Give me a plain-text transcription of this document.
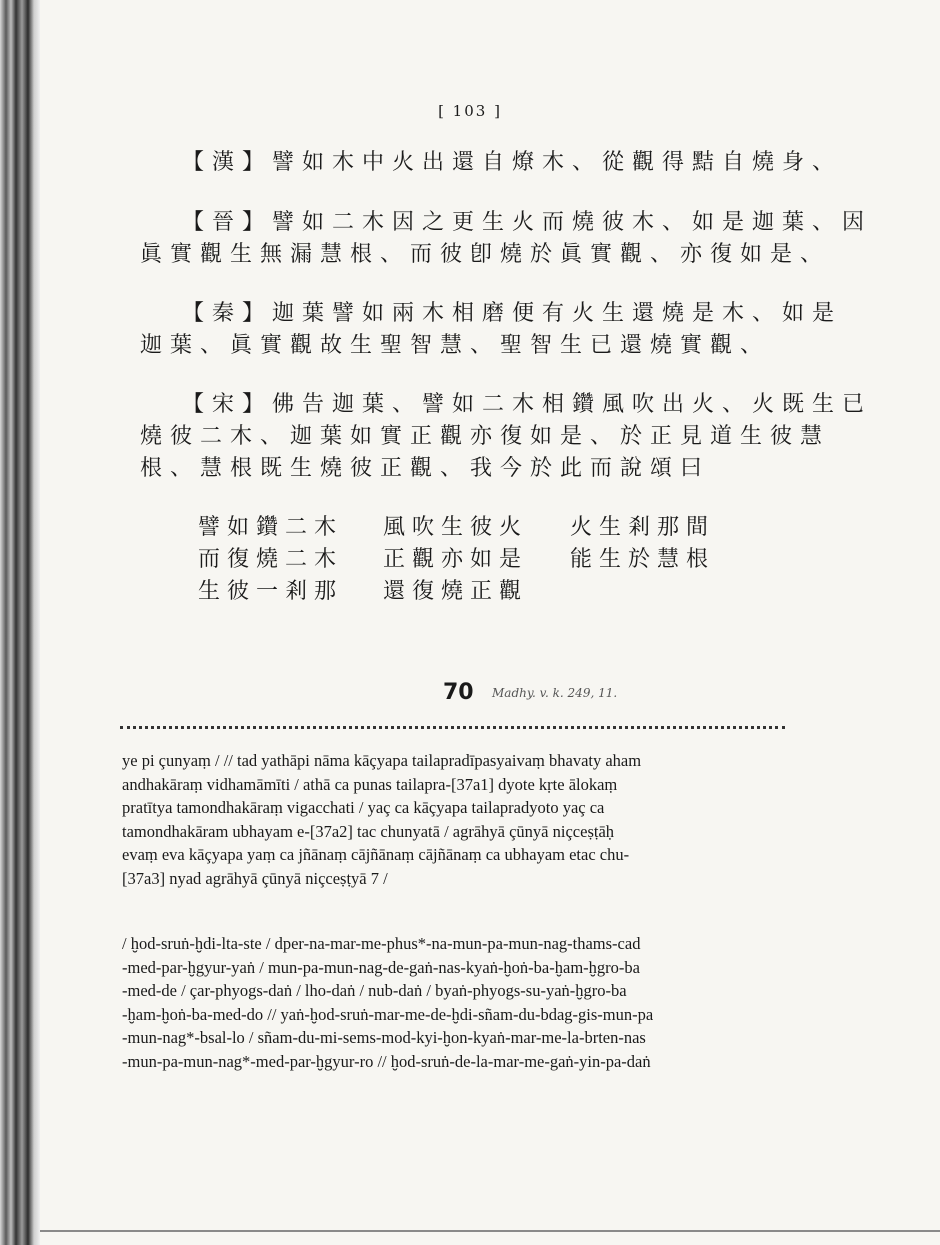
[ 103 ]
【漢】譬如木中火出還自燎木、從觀得黠自燒身、
【晉】譬如二木因之更生火而燒彼木、如是迦葉、因
眞實觀生無漏慧根、而彼卽燒於眞實觀、亦復如是、
【秦】迦葉譬如兩木相磨便有火生還燒是木、如是
迦葉、眞實觀故生聖智慧、聖智生已還燒實觀、
【宋】佛告迦葉、譬如二木相鑽風吹出火、火既生已
燒彼二木、迦葉如實正觀亦復如是、於正見道生彼慧
根、慧根既生燒彼正觀、我今於此而說頌曰
譬如鑽二木
而復燒二木
生彼一剎那
風吹生彼火
正觀亦如是
還復燒正觀
火生剎那間
能生於慧根
70 Madhy. v. k. 249, 11.
ye pi çunyaṃ / // tad yathāpi nāma kāçyapa tailapradīpasyaivaṃ bhavaty aham
andhakāraṃ vidhamāmīti / athā ca punas tailapra-[37a1] dyote kṛte ālokaṃ
pratītya tamondhakāraṃ vigacchati / yaç ca kāçyapa tailapradyoto yaç ca
tamondhakāram ubhayam e-[37a2] tac chunyatā / agrāhyā çūnyā niçceṣṭāḥ
evaṃ eva kāçyapa yaṃ ca jñānaṃ cājñānaṃ cājñānaṃ ca ubhayam etac chu-
[37a3] nyad agrāhyā çūnyā niçceṣṭyā 7 /
/ ḫod-sruṅ-ḫdi-lta-ste / dper-na-mar-me-phus*-na-mun-pa-mun-nag-thams-cad
-med-par-ḫgyur-yaṅ / mun-pa-mun-nag-de-gaṅ-nas-kyaṅ-ḫoṅ-ba-ḫam-ḫgro-ba
-med-de / çar-phyogs-daṅ / lho-daṅ / nub-daṅ / byaṅ-phyogs-su-yaṅ-ḫgro-ba
-ḫam-ḫoṅ-ba-med-do // yaṅ-ḫod-sruṅ-mar-me-de-ḫdi-sñam-du-bdag-gis-mun-pa
-mun-nag*-bsal-lo / sñam-du-mi-sems-mod-kyi-ḫon-kyaṅ-mar-me-la-brten-nas
-mun-pa-mun-nag*-med-par-ḫgyur-ro // ḫod-sruṅ-de-la-mar-me-gaṅ-yin-pa-daṅ
